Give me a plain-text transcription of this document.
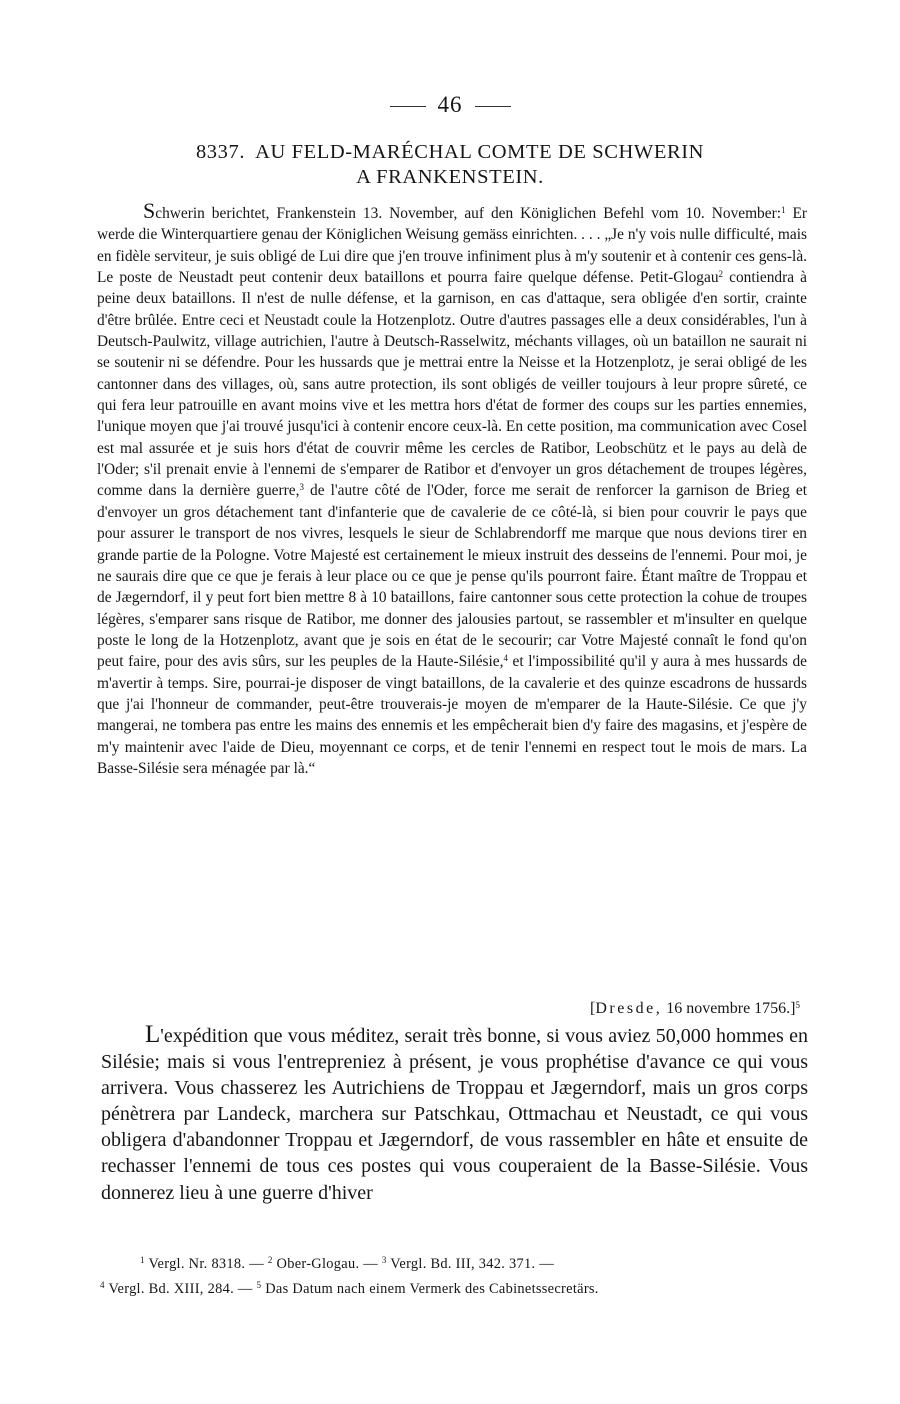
46
8337. AU FELD-MARÉCHAL COMTE DE SCHWERIN
A FRANKENSTEIN.
Schwerin berichtet, Frankenstein 13. November, auf den Königlichen Befehl vom 10. November:$^1$ Er werde die Winterquartiere genau der Königlichen Weisung gemäss einrichten. . . . „Je n'y vois nulle difficulté, mais en fidèle serviteur, je suis obligé de Lui dire que j'en trouve infiniment plus à m'y soutenir et à contenir ces gens-là. Le poste de Neustadt peut contenir deux bataillons et pourra faire quelque défense. Petit-Glogau$^2$ contiendra à peine deux bataillons. Il n'est de nulle défense, et la garnison, en cas d'attaque, sera obligée d'en sortir, crainte d'être brûlée. Entre ceci et Neustadt coule la Hotzenplotz. Outre d'autres passages elle a deux considérables, l'un à Deutsch-Paulwitz, village autrichien, l'autre à Deutsch-Rasselwitz, méchants villages, où un bataillon ne saurait ni se soutenir ni se défendre. Pour les hussards que je mettrai entre la Neisse et la Hotzenplotz, je serai obligé de les cantonner dans des villages, où, sans autre protection, ils sont obligés de veiller toujours à leur propre sûreté, ce qui fera leur patrouille en avant moins vive et les mettra hors d'état de former des coups sur les parties ennemies, l'unique moyen que j'ai trouvé jusqu'ici à contenir encore ceux-là. En cette position, ma communication avec Cosel est mal assurée et je suis hors d'état de couvrir même les cercles de Ratibor, Leobschütz et le pays au delà de l'Oder; s'il prenait envie à l'ennemi de s'emparer de Ratibor et d'envoyer un gros détachement de troupes légères, comme dans la dernière guerre,$^3$ de l'autre côté de l'Oder, force me serait de renforcer la garnison de Brieg et d'envoyer un gros détachement tant d'infanterie que de cavalerie de ce côté-là, si bien pour couvrir le pays que pour assurer le transport de nos vivres, lesquels le sieur de Schlabrendorff me marque que nous devions tirer en grande partie de la Pologne. Votre Majesté est certainement le mieux instruit des desseins de l'ennemi. Pour moi, je ne saurais dire que ce que je ferais à leur place ou ce que je pense qu'ils pourront faire. Étant maître de Troppau et de Jægerndorf, il y peut fort bien mettre 8 à 10 bataillons, faire cantonner sous cette protection la cohue de troupes légères, s'emparer sans risque de Ratibor, me donner des jalousies partout, se rassembler et m'insulter en quelque poste le long de la Hotzenplotz, avant que je sois en état de le secourir; car Votre Majesté connaît le fond qu'on peut faire, pour des avis sûrs, sur les peuples de la Haute-Silésie,$^4$ et l'impossibilité qu'il y aura à mes hussards de m'avertir à temps. Sire, pourrai-je disposer de vingt bataillons, de la cavalerie et des quinze escadrons de hussards que j'ai l'honneur de commander, peut-être trouverais-je moyen de m'emparer de la Haute-Silésie. Ce que j'y mangerai, ne tombera pas entre les mains des ennemis et les empêcherait bien d'y faire des magasins, et j'espère de m'y maintenir avec l'aide de Dieu, moyennant ce corps, et de tenir l'ennemi en respect tout le mois de mars. La Basse-Silésie sera ménagée par là.“
[Dresde, 16 novembre 1756.]$^5$
L'expédition que vous méditez, serait très bonne, si vous aviez 50,000 hommes en Silésie; mais si vous l'entrepreniez à présent, je vous prophétise d'avance ce qui vous arrivera. Vous chasserez les Autrichiens de Troppau et Jægerndorf, mais un gros corps pénètrera par Landeck, marchera sur Patschkau, Ottmachau et Neustadt, ce qui vous obligera d'abandonner Troppau et Jægerndorf, de vous rassembler en hâte et ensuite de rechasser l'ennemi de tous ces postes qui vous couperaient de la Basse-Silésie. Vous donnerez lieu à une guerre d'hiver
$^1$ Vergl. Nr. 8318. — $^2$ Ober-Glogau. — $^3$ Vergl. Bd. III, 342. 371. —
$^4$ Vergl. Bd. XIII, 284. — $^5$ Das Datum nach einem Vermerk des Cabinetssecretärs.
